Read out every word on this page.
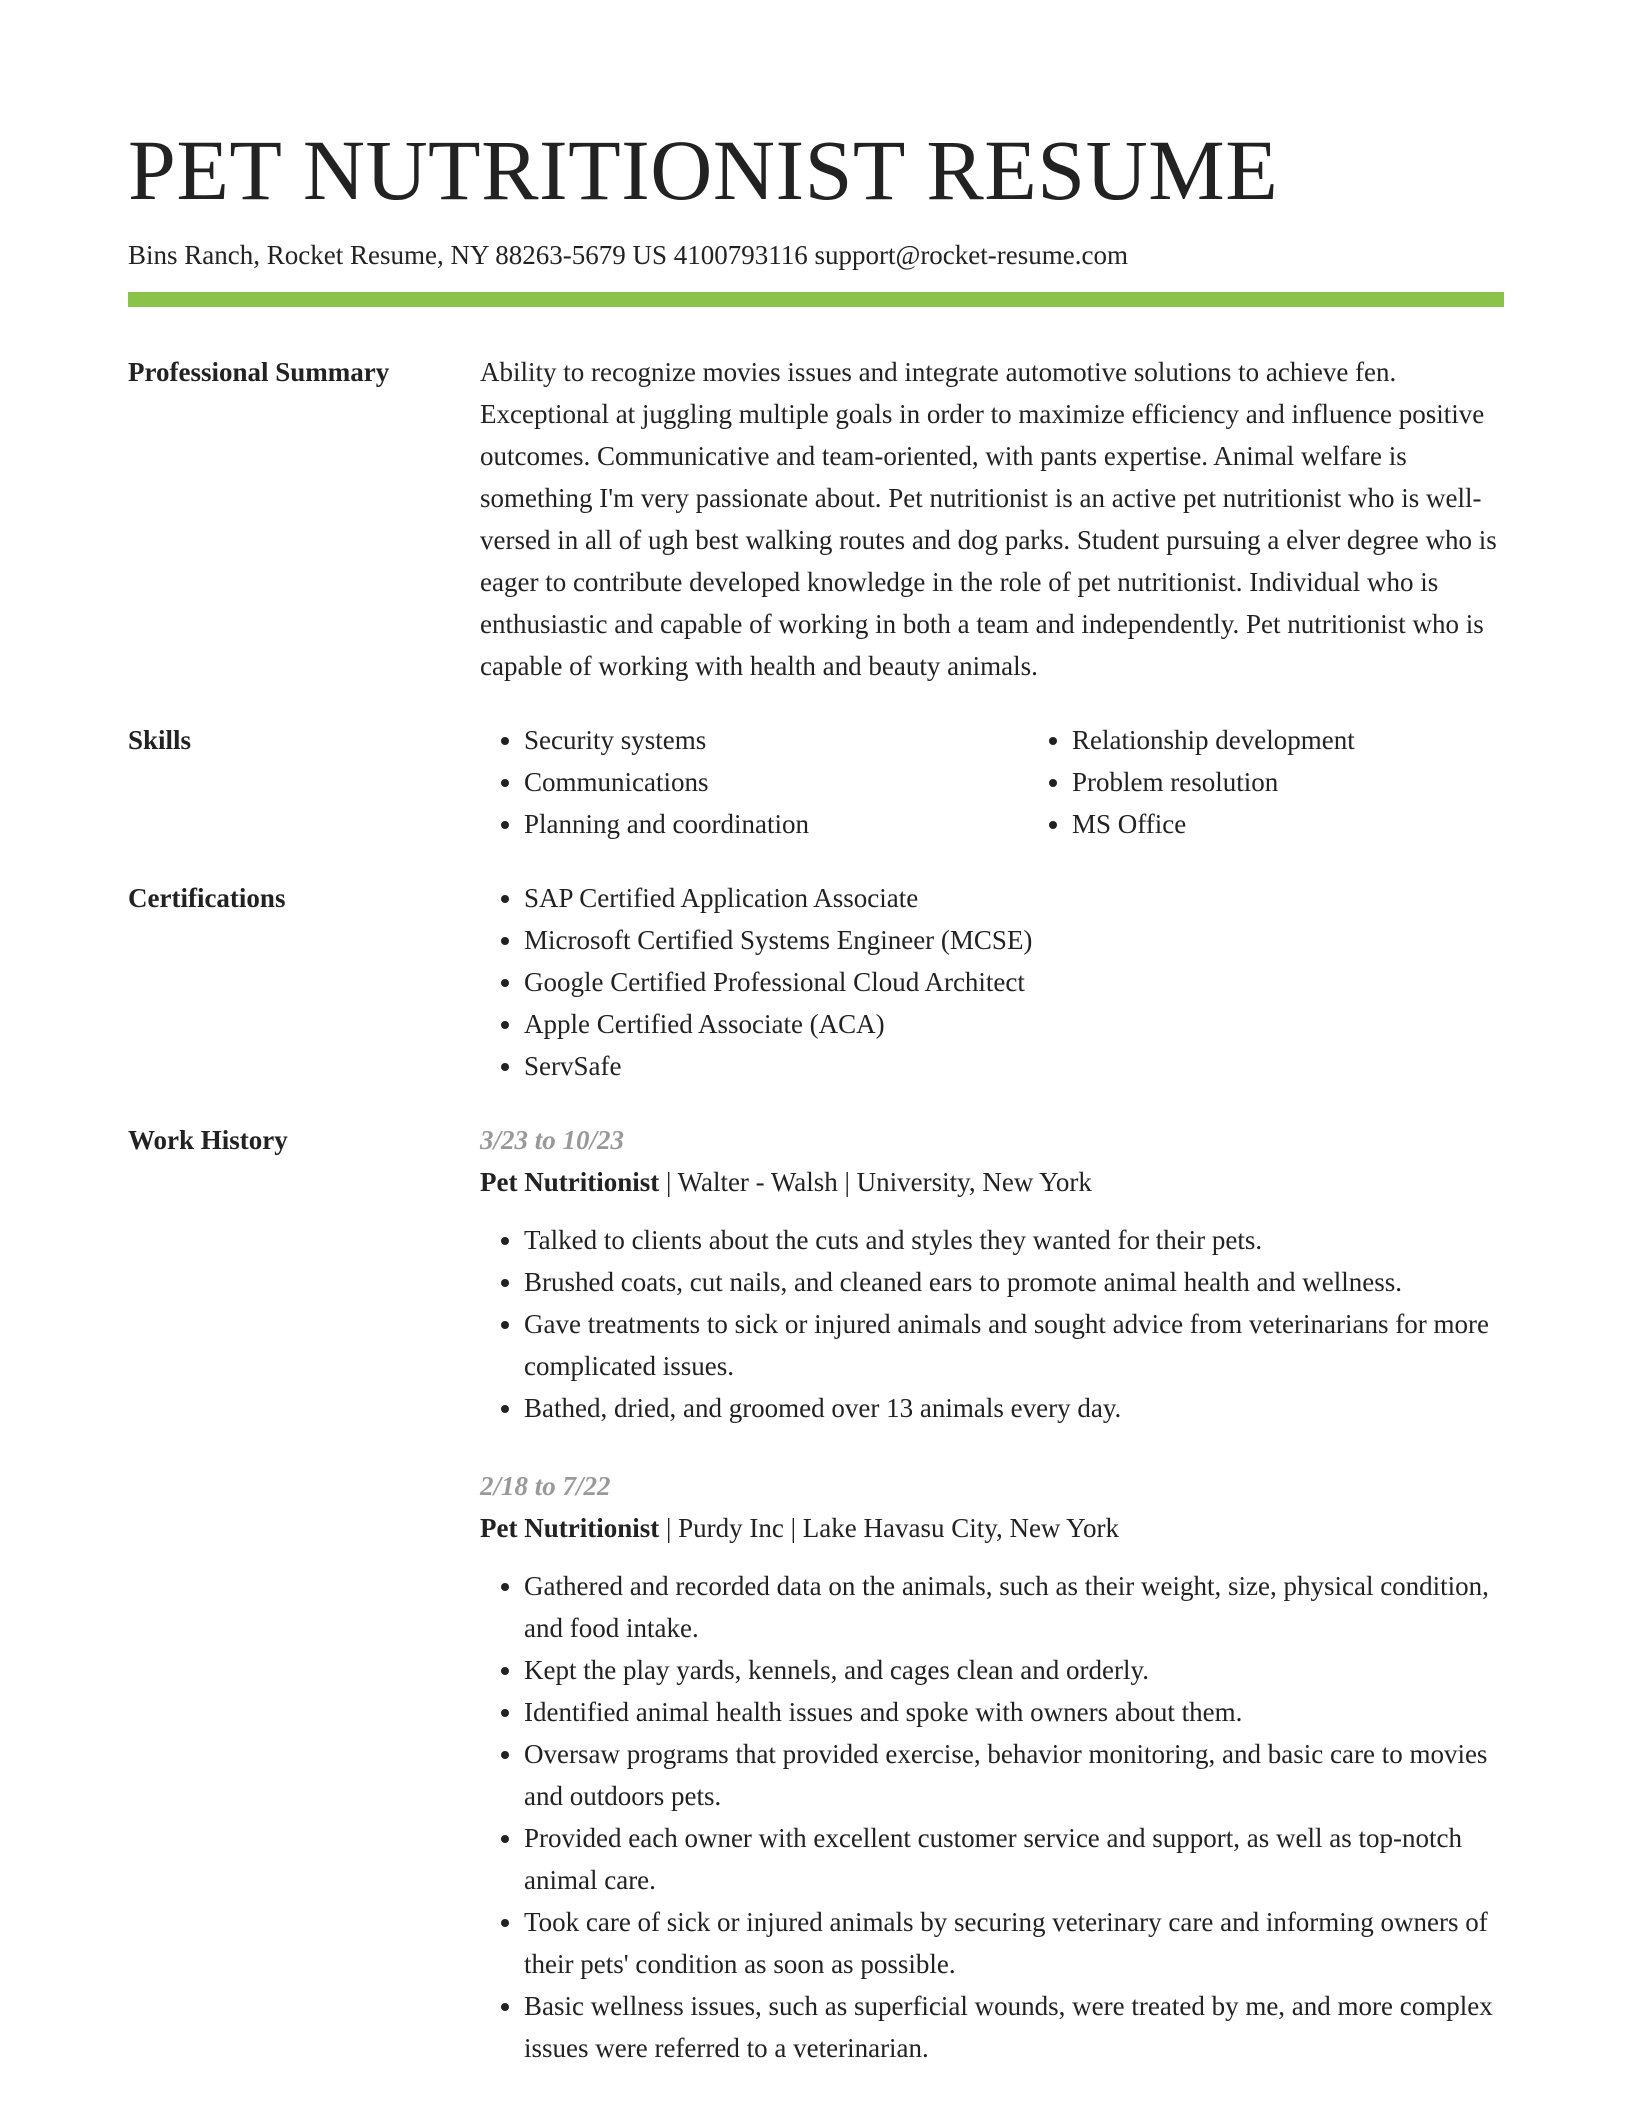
PET NUTRITIONIST RESUME
Bins Ranch, Rocket Resume, NY 88263-5679 US 4100793116 support@rocket-resume.com
Professional Summary	Ability to recognize movies issues and integrate automotive solutions to achieve fen. Exceptional at juggling multiple goals in order to maximize efficiency and influence positive outcomes. Communicative and team-oriented, with pants expertise. Animal welfare is something I'm very passionate about. Pet nutritionist is an active pet nutritionist who is well-versed in all of ugh best walking routes and dog parks. Student pursuing a elver degree who is eager to contribute developed knowledge in the role of pet nutritionist. Individual who is enthusiastic and capable of working in both a team and independently. Pet nutritionist who is capable of working with health and beauty animals.

Skills	• Security systems
• Communications
• Planning and coordination
• Relationship development
• Problem resolution
• MS Office
Certifications	• SAP Certified Application Associate
• Microsoft Certified Systems Engineer (MCSE)
• Google Certified Professional Cloud Architect
• Apple Certified Associate (ACA)
• ServSafe
Work History	3/23 to 10/23
Pet Nutritionist | Walter - Walsh | University, New York
• Talked to clients about the cuts and styles they wanted for their pets.
• Brushed coats, cut nails, and cleaned ears to promote animal health and wellness.
• Gave treatments to sick or injured animals and sought advice from veterinarians for more complicated issues.
• Bathed, dried, and groomed over 13 animals every day.
2/18 to 7/22
Pet Nutritionist | Purdy Inc | Lake Havasu City, New York
• Gathered and recorded data on the animals, such as their weight, size, physical condition, and food intake.
• Kept the play yards, kennels, and cages clean and orderly.
• Identified animal health issues and spoke with owners about them.
• Oversaw programs that provided exercise, behavior monitoring, and basic care to movies and outdoors pets.
• Provided each owner with excellent customer service and support, as well as top-notch animal care.
• Took care of sick or injured animals by securing veterinary care and informing owners of their pets' condition as soon as possible.
• Basic wellness issues, such as superficial wounds, were treated by me, and more complex issues were referred to a veterinarian.
